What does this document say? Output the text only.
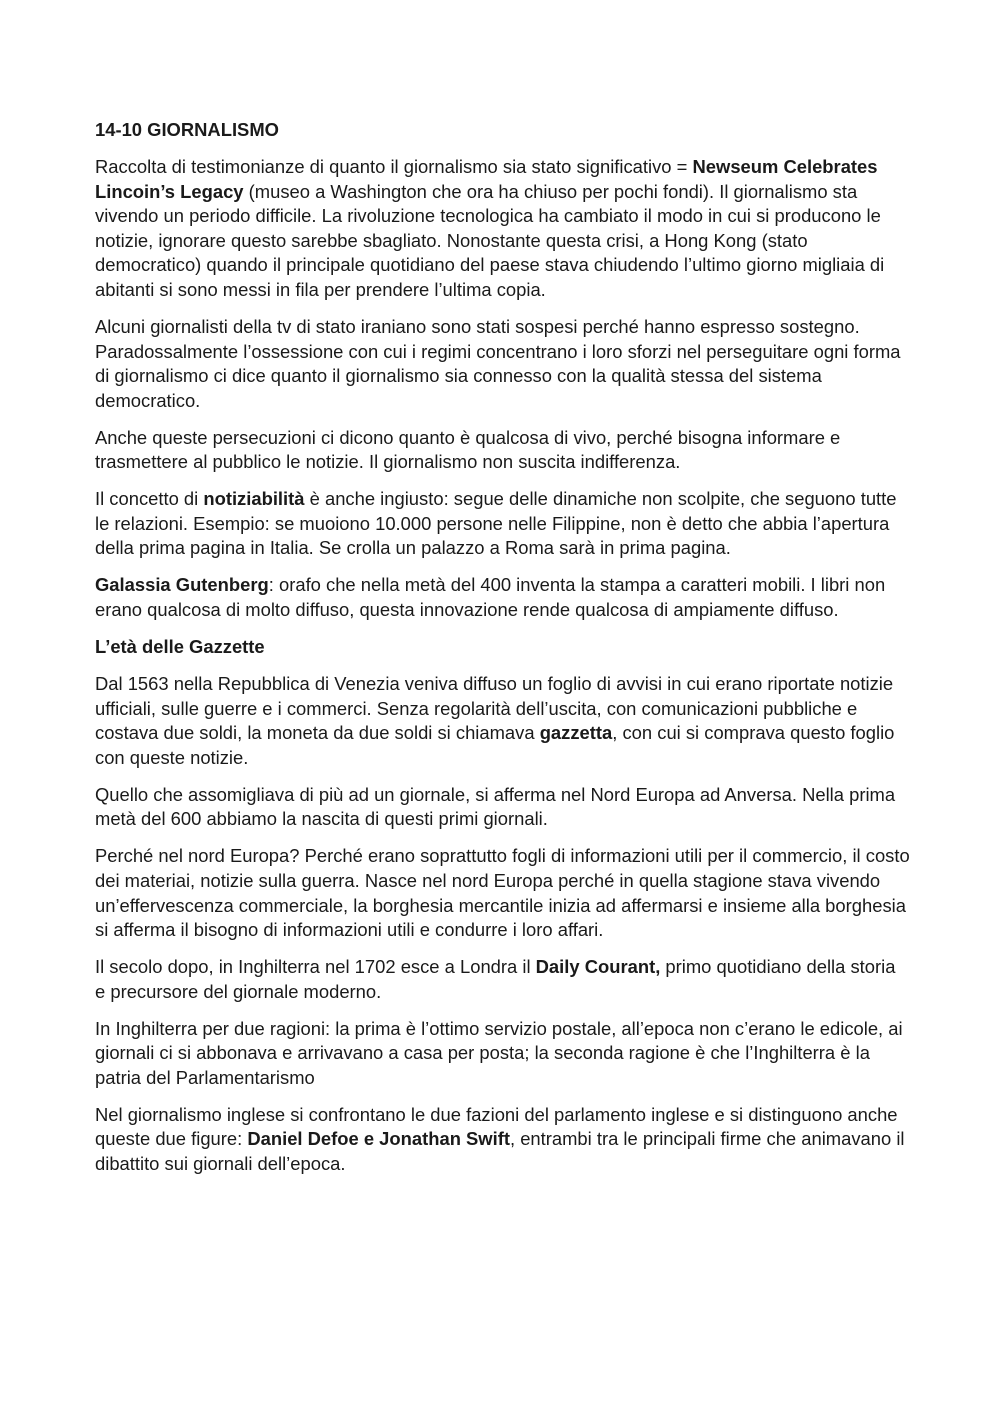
14-10 GIORNALISMO

Raccolta di testimonianze di quanto il giornalismo sia stato significativo = Newseum Celebrates Lincoin’s Legacy (museo a Washington che ora ha chiuso per pochi fondi). Il giornalismo sta vivendo un periodo difficile. La rivoluzione tecnologica ha cambiato il modo in cui si producono le notizie, ignorare questo sarebbe sbagliato. Nonostante questa crisi, a Hong Kong (stato democratico) quando il principale quotidiano del paese stava chiudendo l’ultimo giorno migliaia di abitanti si sono messi in fila per prendere l’ultima copia.

Alcuni giornalisti della tv di stato iraniano sono stati sospesi perché hanno espresso sostegno. Paradossalmente l’ossessione con cui i regimi concentrano i loro sforzi nel perseguitare ogni forma di giornalismo ci dice quanto il giornalismo sia connesso con la qualità stessa del sistema democratico.

Anche queste persecuzioni ci dicono quanto è qualcosa di vivo, perché bisogna informare e trasmettere al pubblico le notizie. Il giornalismo non suscita indifferenza.

Il concetto di notiziabilità è anche ingiusto: segue delle dinamiche non scolpite, che seguono tutte le relazioni. Esempio: se muoiono 10.000 persone nelle Filippine, non è detto che abbia l’apertura della prima pagina in Italia. Se crolla un palazzo a Roma sarà in prima pagina.

Galassia Gutenberg: orafo che nella metà del 400 inventa la stampa a caratteri mobili. I libri non erano qualcosa di molto diffuso, questa innovazione rende qualcosa di ampiamente diffuso.

L’età delle Gazzette

Dal 1563 nella Repubblica di Venezia veniva diffuso un foglio di avvisi in cui erano riportate notizie ufficiali, sulle guerre e i commerci. Senza regolarità dell’uscita, con comunicazioni pubbliche e costava due soldi, la moneta da due soldi si chiamava gazzetta, con cui si comprava questo foglio con queste notizie.

Quello che assomigliava di più ad un giornale, si afferma nel Nord Europa ad Anversa. Nella prima metà del 600 abbiamo la nascita di questi primi giornali.

Perché nel nord Europa? Perché erano soprattutto fogli di informazioni utili per il commercio, il costo dei materiai, notizie sulla guerra. Nasce nel nord Europa perché in quella stagione stava vivendo un’effervescenza commerciale, la borghesia mercantile inizia ad affermarsi e insieme alla borghesia si afferma il bisogno di informazioni utili e condurre i loro affari.

Il secolo dopo, in Inghilterra nel 1702 esce a Londra il Daily Courant, primo quotidiano della storia e precursore del giornale moderno.

In Inghilterra per due ragioni: la prima è l’ottimo servizio postale, all’epoca non c’erano le edicole, ai giornali ci si abbonava e arrivavano a casa per posta; la seconda ragione è che l’Inghilterra è la patria del Parlamentarismo

Nel giornalismo inglese si confrontano le due fazioni del parlamento inglese e si distinguono anche queste due figure: Daniel Defoe e Jonathan Swift, entrambi tra le principali firme che animavano il dibattito sui giornali dell’epoca.
